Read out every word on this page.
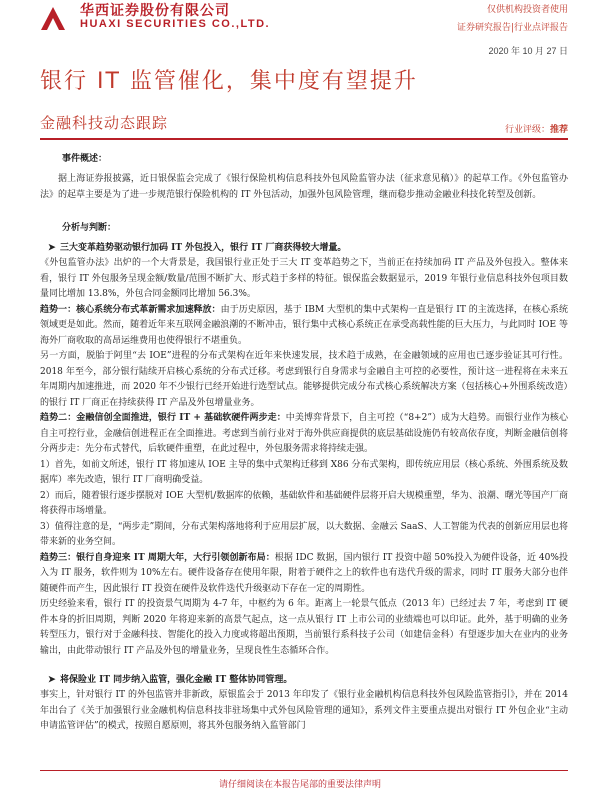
华西证券股份有限公司
HUAXI SECURITIES CO.,LTD.
仅供机构投资者使用
证券研究报告|行业点评报告
2020 年 10 月 27 日
银行 IT 监管催化，集中度有望提升
金融科技动态跟踪	行业评级：推荐
事件概述：

据上海证券报披露，近日银保监会完成了《银行保险机构信息科技外包风险监管办法（征求意见稿）》的起草工作。《外包监管办法》的起草主要是为了进一步规范银行保险机构的 IT 外包活动，加强外包风险管理，继而稳步推动金融业科技化转型及创新。

分析与判断：
➤ 三大变革趋势驱动银行加码 IT 外包投入，银行 IT 厂商获得较大增量。

《外包监管办法》出炉的一个大背景是，我国银行业正处于三大 IT 变革趋势之下，当前正在持续加码 IT 产品及外包投入。整体来看，银行 IT 外包服务呈现金额/数量/范围不断扩大、形式趋于多样的特征。银保监会数据显示，2019 年银行业信息科技外包项目数量同比增加 13.8%，外包合同金额同比增加 56.3%。

趋势一：核心系统分布式革新需求加速释放：由于历史原因，基于 IBM 大型机的集中式架构一直是银行 IT 的主流选择，在核心系统领域更是如此。然而，随着近年来互联网金融浪潮的不断冲击，银行集中式核心系统正在承受高载性能的巨大压力，与此同时 IOE 等海外厂商收取的高昂运维费用也使得银行不堪重负。

另一方面，脱胎于阿里“去 IOE”进程的分布式架构在近年来快速发展，技术趋于成熟，在金融领域的应用也已逐步验证其可行性。2018 年至今，部分银行陆续开启核心系统的分布式迁移。考虑到银行自身需求与金融自主可控的必要性，预计这一进程将在未来五年周期内加速推进，而 2020 年不少银行已经开始进行选型试点。能够提供完成分布式核心系统解决方案（包括核心+外围系统改造）的银行 IT 厂商正在持续获得 IT 产品及外包增量业务。

趋势二：金融信创全面推进，银行 IT + 基础软硬件两步走：中美博弈背景下，自主可控（“8+2”）成为大趋势。而银行业作为核心自主可控行业，金融信创进程正在全面推进。考虑到当前行业对于海外供应商提供的底层基础设施仍有较高依存度，判断金融信创将分两步走：先分布式替代，后软硬件重塑，在此过程中，外包服务需求将持续走强。

1）首先，如前文所述，银行 IT 将加速从 IOE 主导的集中式架构迁移到 X86 分布式架构，即传统应用层（核心系统、外围系统及数据库）率先改造，银行 IT 厂商明确受益。

2）而后，随着银行逐步摆脱对 IOE 大型机/数据库的依赖，基础软件和基础硬件层将开启大规模重塑，华为、浪潮、曙光等国产厂商将获得市场增量。

3）值得注意的是，“两步走”期间，分布式架构落地将利于应用层扩展，以大数据、金融云 SaaS、人工智能为代表的创新应用层也将带来新的业务空间。

趋势三：银行自身迎来 IT 周期大年，大行引领创新布局：根据 IDC 数据，国内银行 IT 投资中超 50%投入为硬件设备，近 40%投入为 IT 服务，软件则为 10%左右。硬件设备存在使用年限，附着于硬件之上的软件也有迭代升级的需求，同时 IT 服务大部分也伴随硬件而产生，因此银行 IT 投资在硬件及软件迭代升级驱动下存在一定的周期性。

历史经验来看，银行 IT 的投资景气周期为 4-7 年，中枢约为 6 年。距离上一轮景气低点（2013 年）已经过去 7 年，考虑到 IT 硬件本身的折旧周期，判断 2020 年将迎来新的高景气起点，这一点从银行 IT 上市公司的业绩端也可以印证。此外，基于明确的业务转型压力，银行对于金融科技、智能化的投入力度或将超出预期，当前银行系科技子公司（如建信金科）有望逐步加大在业内的业务输出，由此带动银行 IT 产品及外包的增量业务，呈现良性生态循环合作。

➤ 将保险业 IT 同步纳入监管，强化金融 IT 整体协同管理。

事实上，针对银行 IT 的外包监管并非新政，原银监会于 2013 年印发了《银行业金融机构信息科技外包风险监管指引》，并在 2014 年出台了《关于加强银行业金融机构信息科技非驻场集中式外包风险管理的通知》，系列文件主要重点提出对银行 IT 外包企业“主动申请监管评估”的模式，按照自愿原则，将其外包服务纳入监管部门

请仔细阅读在本报告尾部的重要法律声明
